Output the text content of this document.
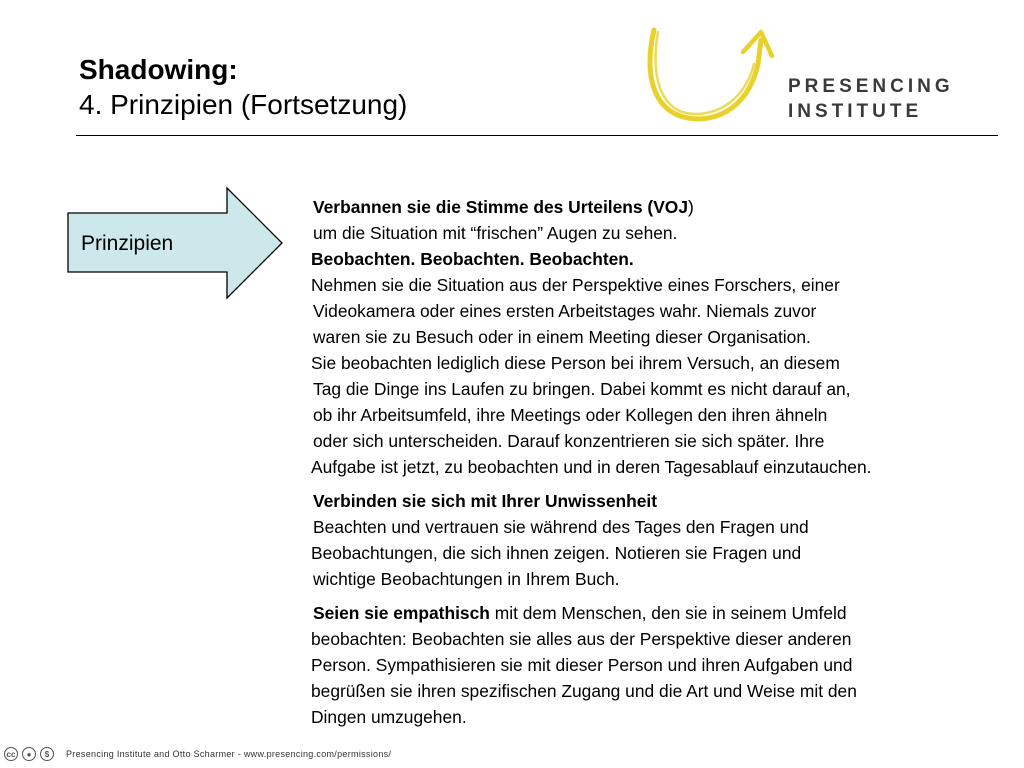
Shadowing:
4. Prinzipien (Fortsetzung)
PRESENCING
INSTITUTE
Prinzipien

Verbannen sie die Stimme des Urteilens (VOJ)

um die Situation mit “frischen” Augen zu sehen.

Beobachten. Beobachten. Beobachten.

Nehmen sie die Situation aus der Perspektive eines Forschers, einer

Videokamera oder eines ersten Arbeitstages wahr. Niemals zuvor

waren sie zu Besuch oder in einem Meeting dieser Organisation.

Sie beobachten lediglich diese Person bei ihrem Versuch, an diesem

Tag die Dinge ins Laufen zu bringen. Dabei kommt es nicht darauf an,

ob ihr Arbeitsumfeld, ihre Meetings oder Kollegen den ihren ähneln

oder sich unterscheiden. Darauf konzentrieren sie sich später. Ihre

Aufgabe ist jetzt, zu beobachten und in deren Tagesablauf einzutauchen.

Verbinden sie sich mit Ihrer Unwissenheit

Beachten und vertrauen sie während des Tages den Fragen und

Beobachtungen, die sich ihnen zeigen. Notieren sie Fragen und

wichtige Beobachtungen in Ihrem Buch.

Seien sie empathisch mit dem Menschen, den sie in seinem Umfeld

beobachten: Beobachten sie alles aus der Perspektive dieser anderen

Person. Sympathisieren sie mit dieser Person und ihren Aufgaben und

begrüßen sie ihren spezifischen Zugang und die Art und Weise mit den

Dingen umzugehen.

cc	●	$	Presencing Institute and Otto Scharmer - www.presencing.com/permissions/
